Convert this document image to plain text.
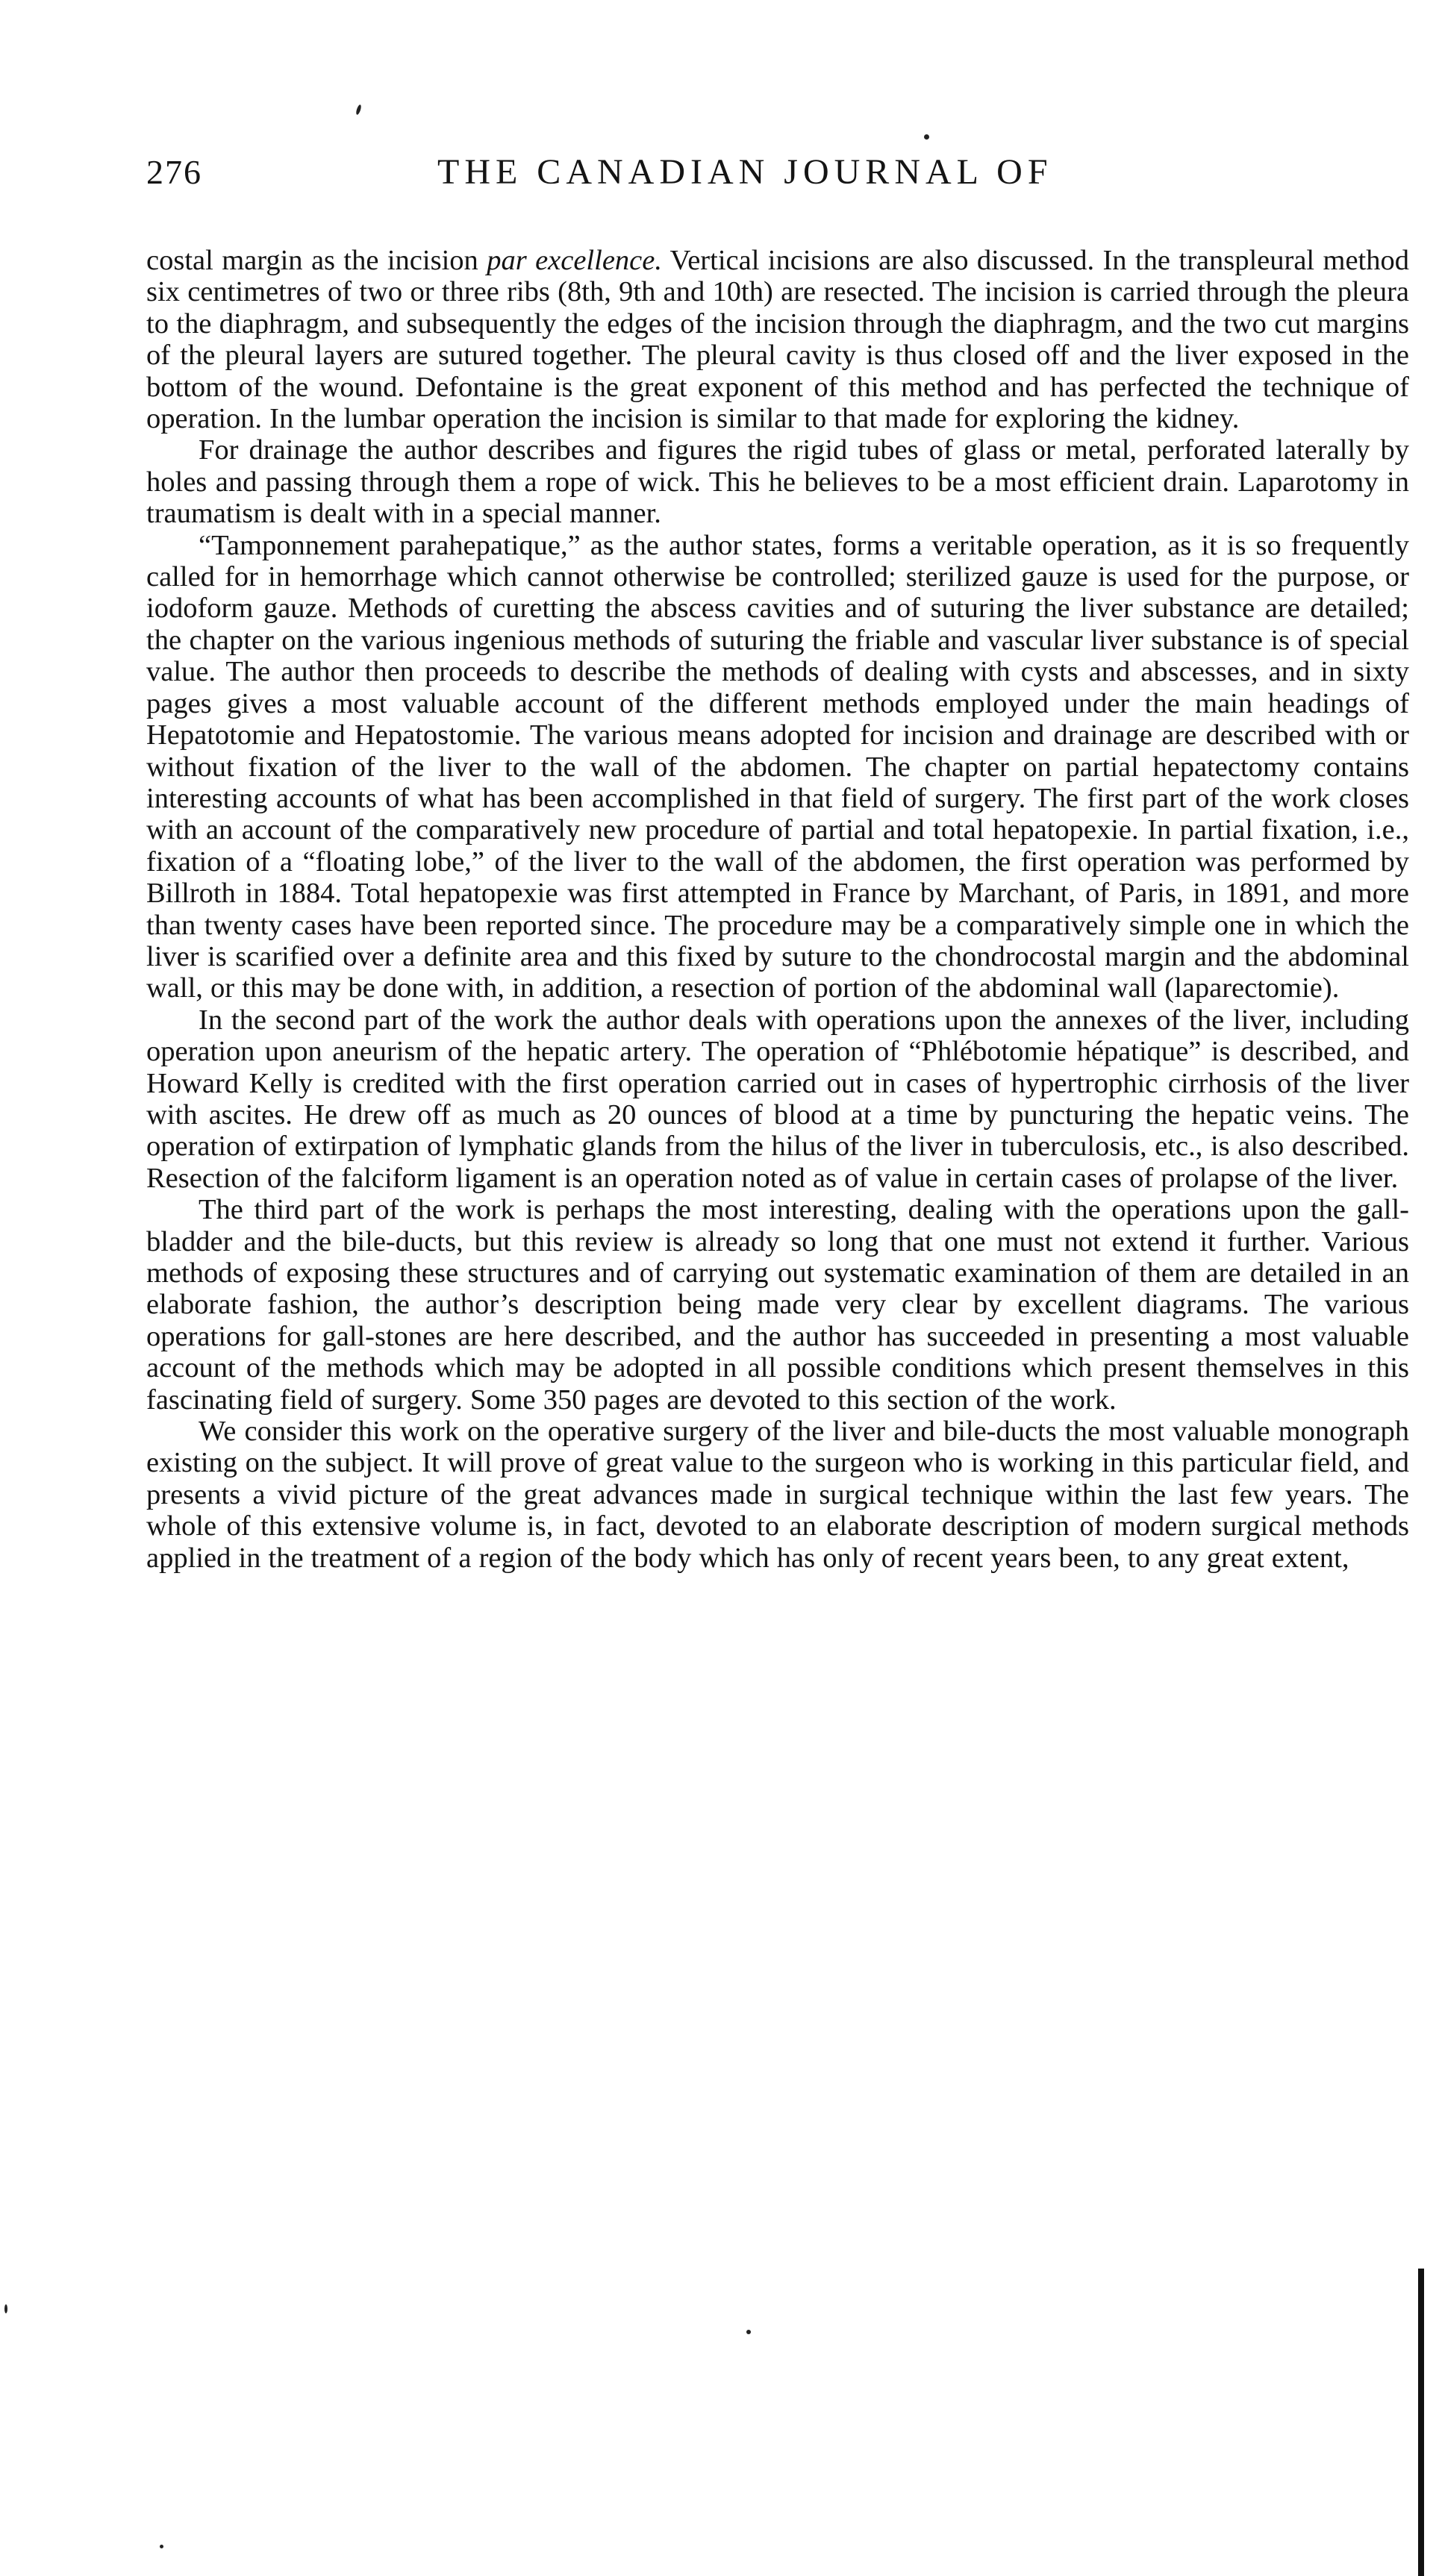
276	THE CANADIAN JOURNAL OF

costal margin as the incision par excellence. Vertical incisions are also discussed. In the transpleural method six centimetres of two or three ribs (8th, 9th and 10th) are resected. The incision is carried through the pleura to the diaphragm, and subsequently the edges of the incision through the diaphragm, and the two cut margins of the pleural layers are sutured together. The pleural cavity is thus closed off and the liver exposed in the bottom of the wound. Defontaine is the great exponent of this method and has perfected the technique of operation. In the lumbar operation the incision is similar to that made for exploring the kidney.

For drainage the author describes and figures the rigid tubes of glass or metal, perforated laterally by holes and passing through them a rope of wick. This he believes to be a most efficient drain. Laparotomy in traumatism is dealt with in a special manner.

“Tamponnement parahepatique,” as the author states, forms a veritable operation, as it is so frequently called for in hemorrhage which cannot otherwise be controlled; sterilized gauze is used for the purpose, or iodoform gauze. Methods of curetting the abscess cavities and of suturing the liver substance are detailed; the chapter on the various ingenious methods of suturing the friable and vascular liver substance is of special value. The author then proceeds to describe the methods of dealing with cysts and abscesses, and in sixty pages gives a most valuable account of the different methods employed under the main headings of Hepatotomie and Hepatostomie. The various means adopted for incision and drainage are described with or without fixation of the liver to the wall of the abdomen. The chapter on partial hepatectomy contains interesting accounts of what has been accomplished in that field of surgery. The first part of the work closes with an account of the comparatively new procedure of partial and total hepatopexie. In partial fixation, i.e., fixation of a “floating lobe,” of the liver to the wall of the abdomen, the first operation was performed by Billroth in 1884. Total hepatopexie was first attempted in France by Marchant, of Paris, in 1891, and more than twenty cases have been reported since. The procedure may be a comparatively simple one in which the liver is scarified over a definite area and this fixed by suture to the chondrocostal margin and the abdominal wall, or this may be done with, in addition, a resection of portion of the abdominal wall (laparectomie).

In the second part of the work the author deals with operations upon the annexes of the liver, including operation upon aneurism of the hepatic artery. The operation of “Phlébotomie hépatique” is described, and Howard Kelly is credited with the first operation carried out in cases of hypertrophic cirrhosis of the liver with ascites. He drew off as much as 20 ounces of blood at a time by puncturing the hepatic veins. The operation of extirpation of lymphatic glands from the hilus of the liver in tuberculosis, etc., is also described. Resection of the falciform ligament is an operation noted as of value in certain cases of prolapse of the liver.

The third part of the work is perhaps the most interesting, dealing with the operations upon the gall-bladder and the bile-ducts, but this review is already so long that one must not extend it further. Various methods of exposing these structures and of carrying out systematic examination of them are detailed in an elaborate fashion, the author’s description being made very clear by excellent diagrams. The various operations for gall-stones are here described, and the author has succeeded in presenting a most valuable account of the methods which may be adopted in all possible conditions which present themselves in this fascinating field of surgery. Some 350 pages are devoted to this section of the work.

We consider this work on the operative surgery of the liver and bile-ducts the most valuable monograph existing on the subject. It will prove of great value to the surgeon who is working in this particular field, and presents a vivid picture of the great advances made in surgical technique within the last few years. The whole of this extensive volume is, in fact, devoted to an elaborate description of modern surgical methods applied in the treatment of a region of the body which has only of recent years been, to any great extent,
